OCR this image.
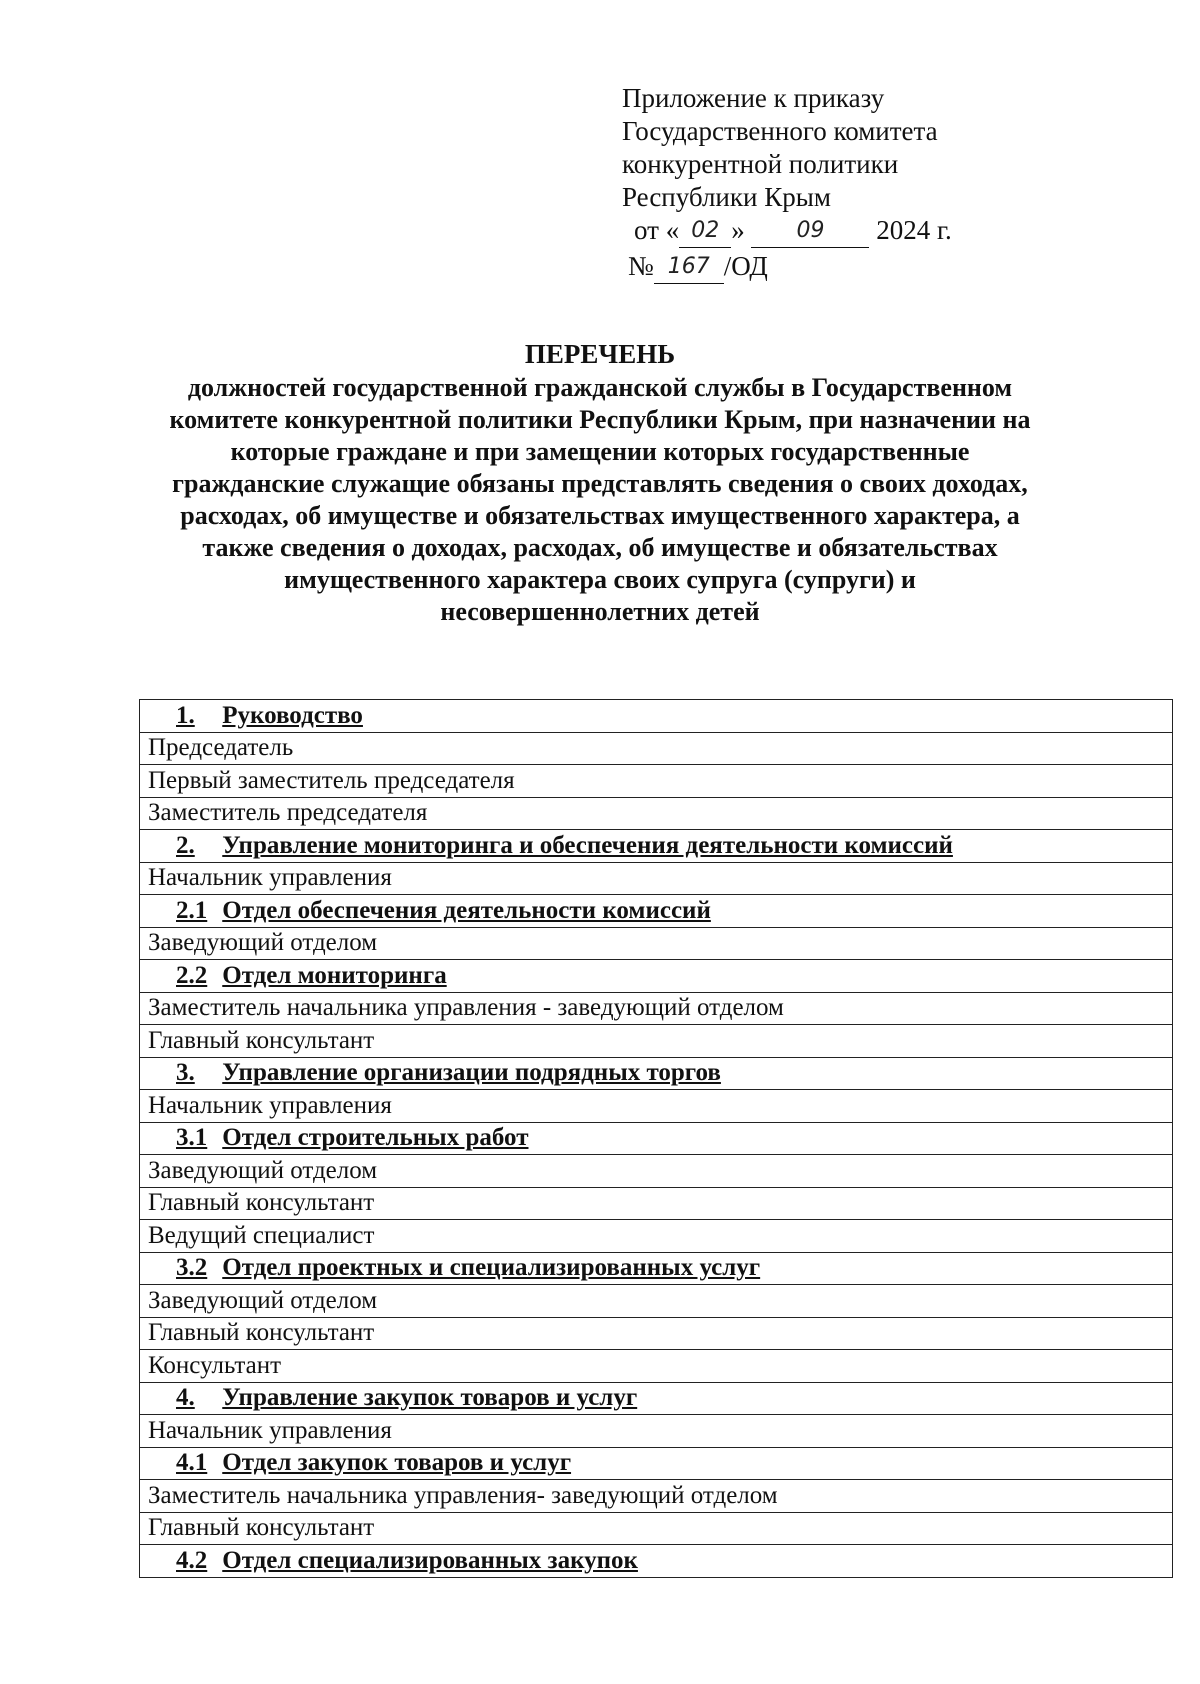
Приложение к приказу
Государственного комитета
конкурентной политики
Республики Крым
от « 02 » 09 2024 г.
№ 167 /ОД
ПЕРЕЧЕНЬ
должностей государственной гражданской службы в Государственном
комитете конкурентной политики Республики Крым, при назначении на
которые граждане и при замещении которых государственные
гражданские служащие обязаны представлять сведения о своих доходах,
расходах, об имуществе и обязательствах имущественного характера, а
также сведения о доходах, расходах, об имуществе и обязательствах
имущественного характера своих супруга (супруги) и
несовершеннолетних детей
1. Руководство
Председатель
Первый заместитель председателя
Заместитель председателя
2. Управление мониторинга и обеспечения деятельности комиссий
Начальник управления
2.1 Отдел обеспечения деятельности комиссий
Заведующий отделом
2.2 Отдел мониторинга
Заместитель начальника управления - заведующий отделом
Главный консультант
3. Управление организации подрядных торгов
Начальник управления
3.1 Отдел строительных работ
Заведующий отделом
Главный консультант
Ведущий специалист
3.2 Отдел проектных и специализированных услуг
Заведующий отделом
Главный консультант
Консультант
4. Управление закупок товаров и услуг
Начальник управления
4.1 Отдел закупок товаров и услуг
Заместитель начальника управления- заведующий отделом
Главный консультант
4.2 Отдел специализированных закупок
